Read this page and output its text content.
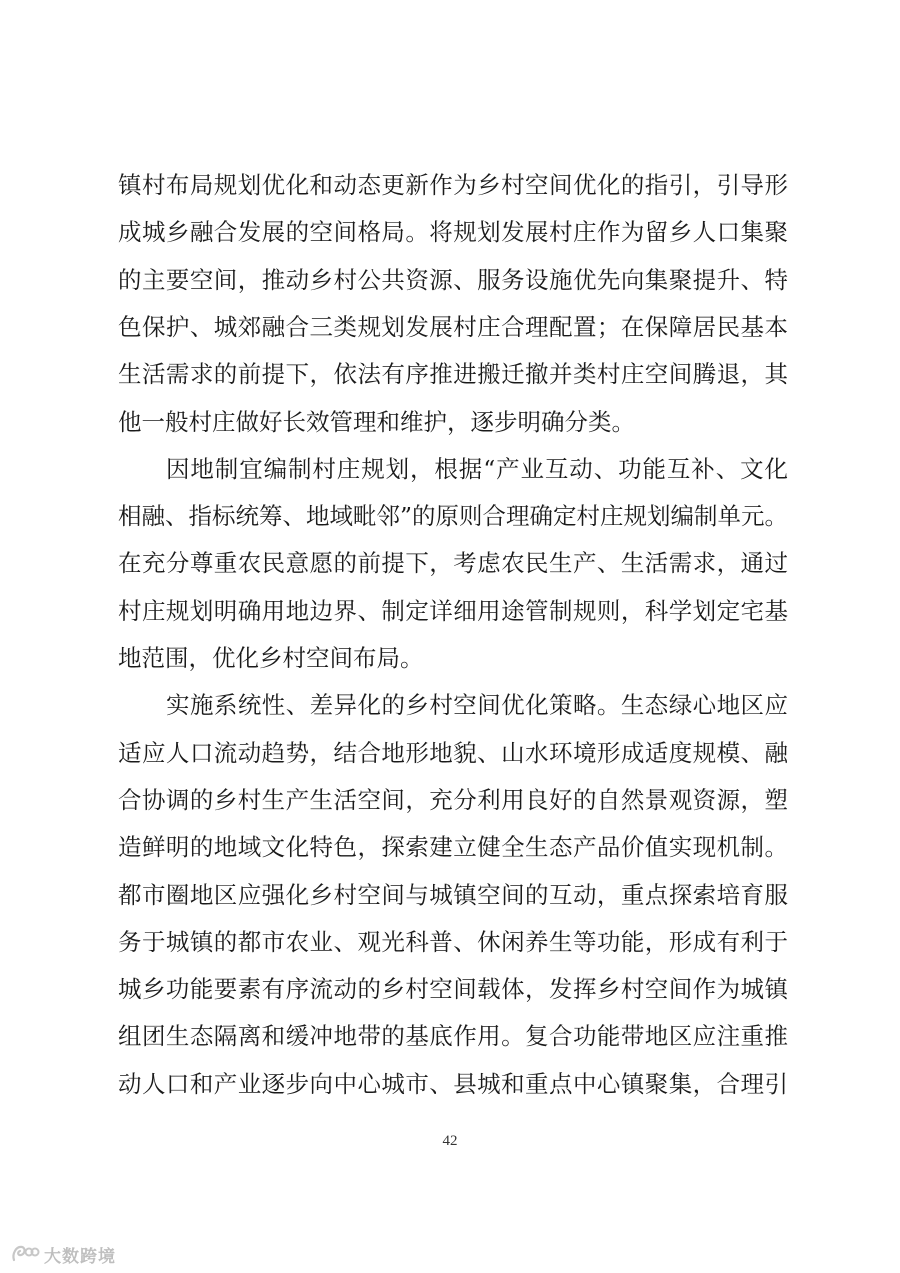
镇村布局规划优化和动态更新作为乡村空间优化的指引，引导形
成城乡融合发展的空间格局。将规划发展村庄作为留乡人口集聚
的主要空间，推动乡村公共资源、服务设施优先向集聚提升、特
色保护、城郊融合三类规划发展村庄合理配置；在保障居民基本
生活需求的前提下，依法有序推进搬迁撤并类村庄空间腾退，其
他一般村庄做好长效管理和维护，逐步明确分类。
因地制宜编制村庄规划，根据“产业互动、功能互补、文化
相融、指标统筹、地域毗邻”的原则合理确定村庄规划编制单元。
在充分尊重农民意愿的前提下，考虑农民生产、生活需求，通过
村庄规划明确用地边界、制定详细用途管制规则，科学划定宅基
地范围，优化乡村空间布局。
实施系统性、差异化的乡村空间优化策略。生态绿心地区应
适应人口流动趋势，结合地形地貌、山水环境形成适度规模、融
合协调的乡村生产生活空间，充分利用良好的自然景观资源，塑
造鲜明的地域文化特色，探索建立健全生态产品价值实现机制。
都市圈地区应强化乡村空间与城镇空间的互动，重点探索培育服
务于城镇的都市农业、观光科普、休闲养生等功能，形成有利于
城乡功能要素有序流动的乡村空间载体，发挥乡村空间作为城镇
组团生态隔离和缓冲地带的基底作用。复合功能带地区应注重推
动人口和产业逐步向中心城市、县城和重点中心镇聚集，合理引
42
大数跨境
